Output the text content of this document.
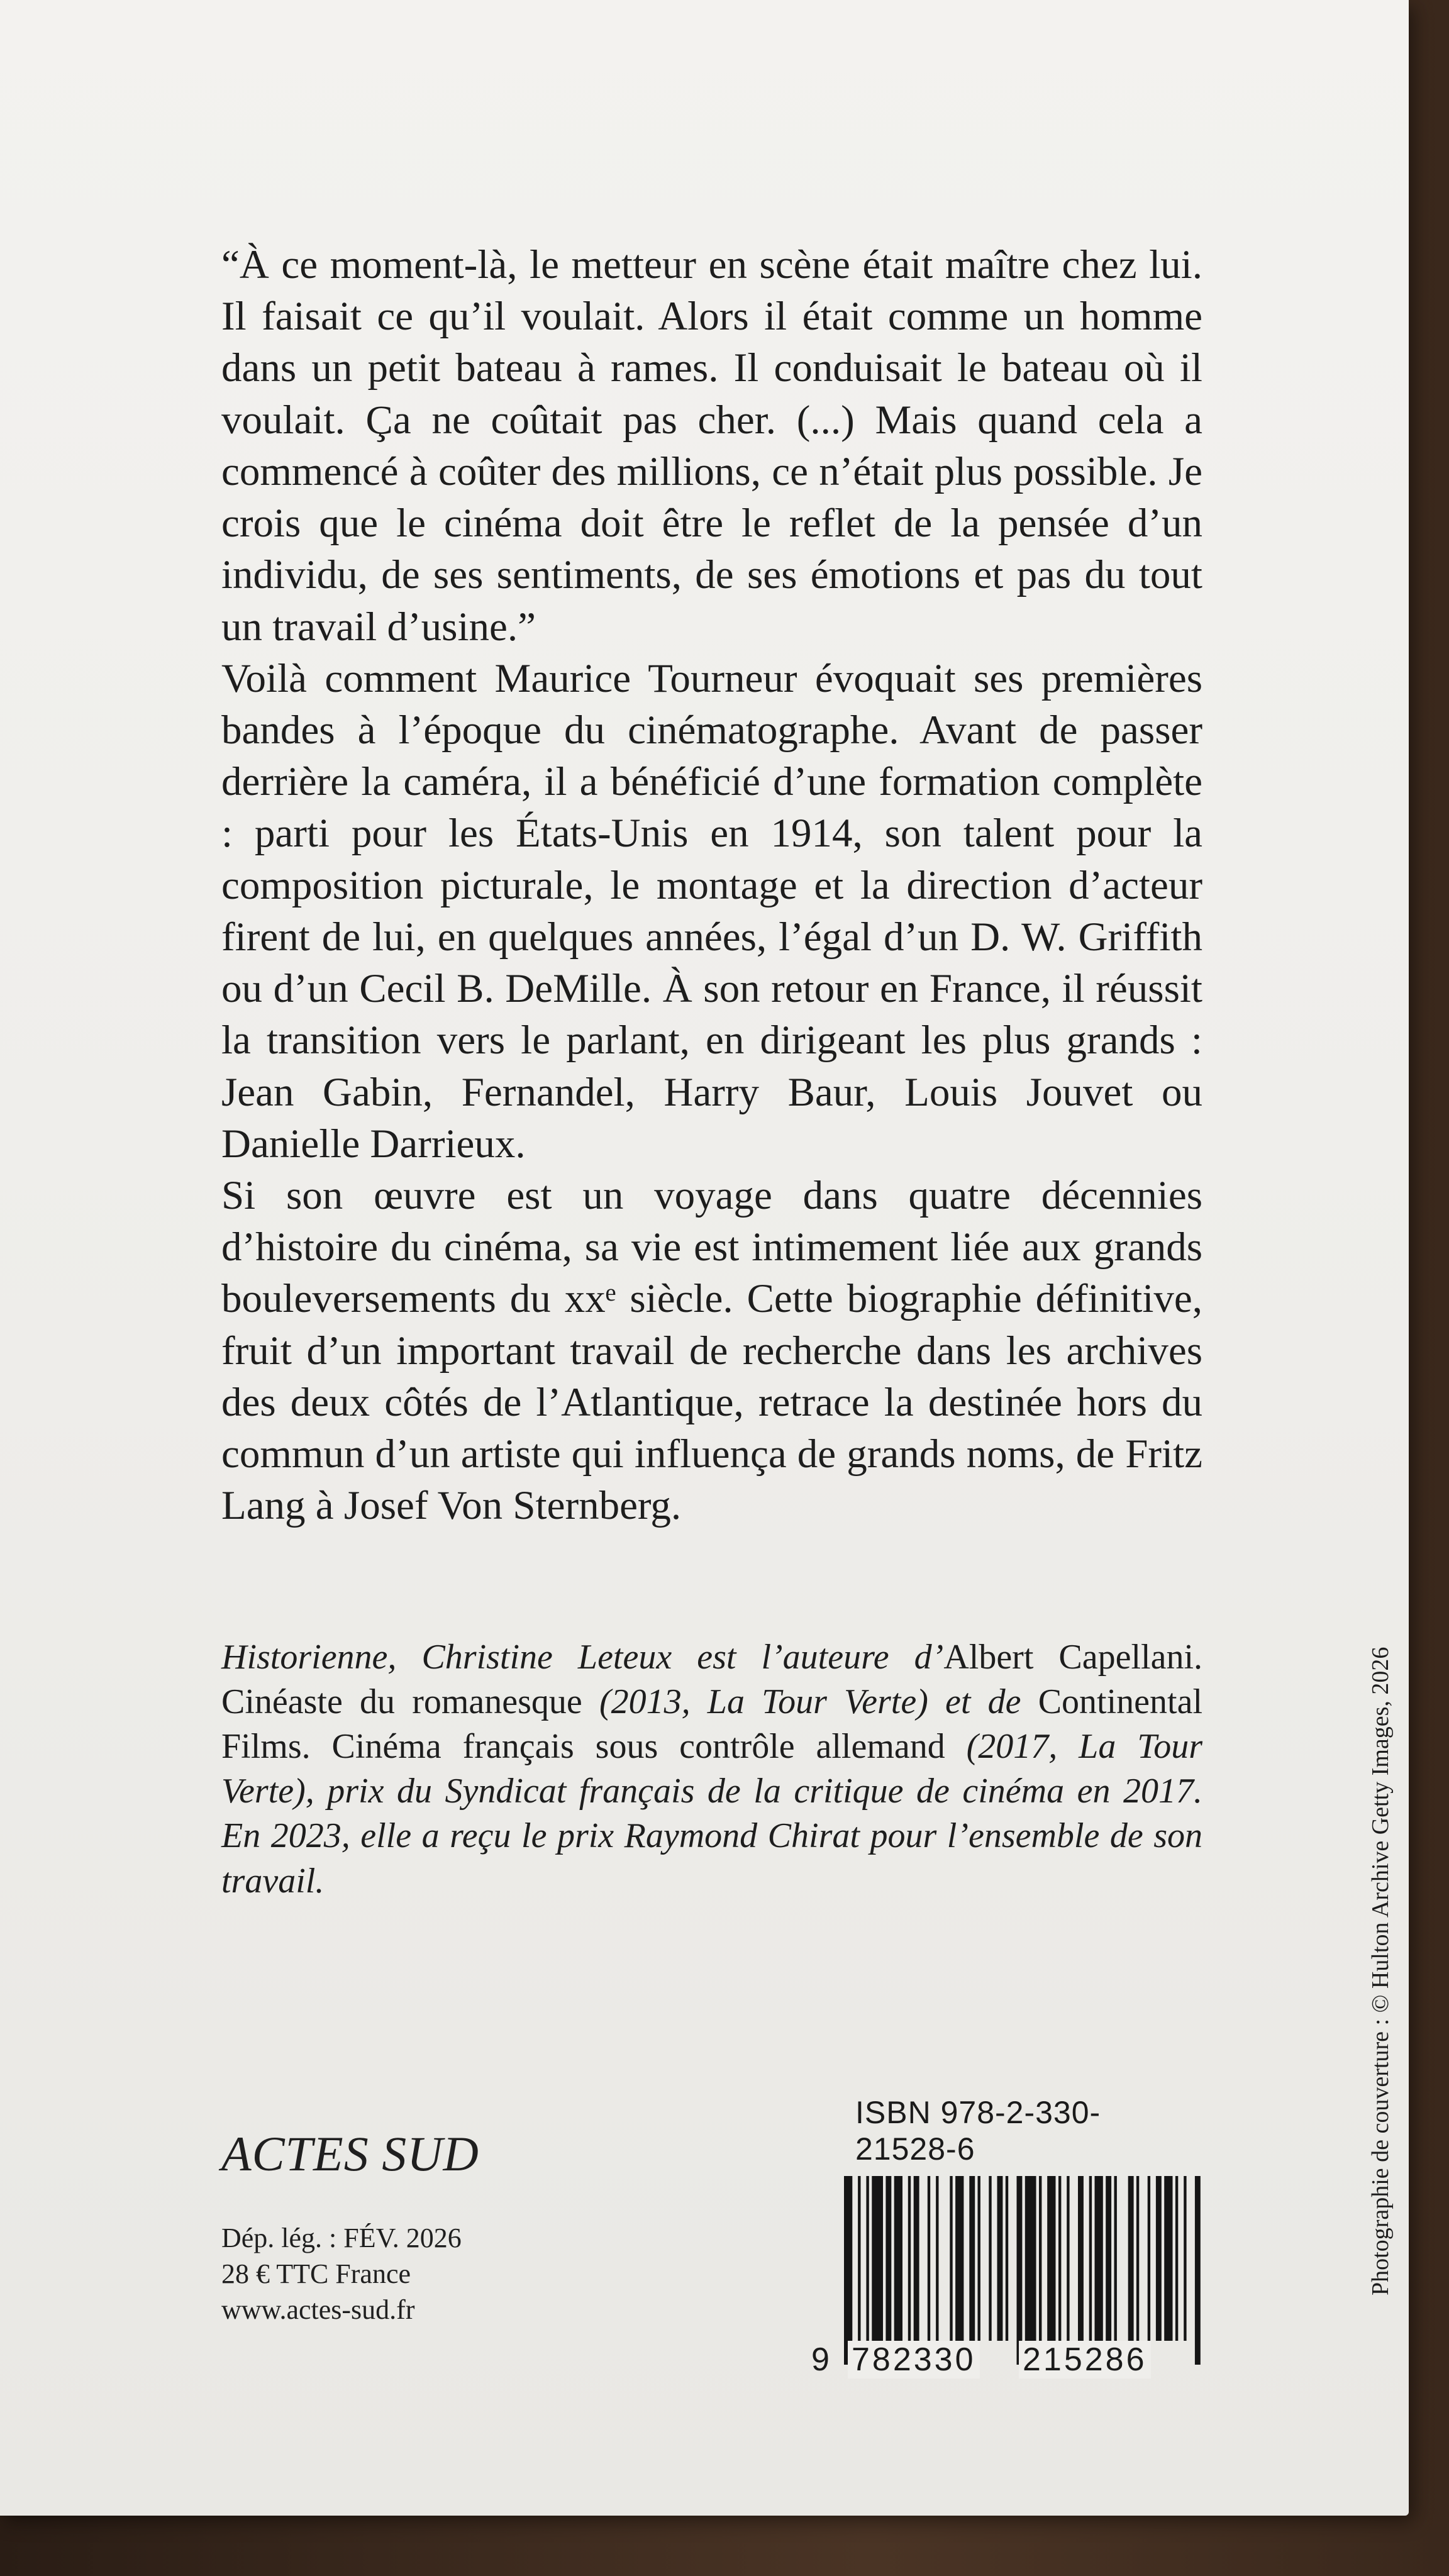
“À ce moment-là, le metteur en scène était maître chez lui. Il faisait ce qu’il voulait. Alors il était comme un homme dans un petit bateau à rames. Il conduisait le bateau où il voulait. Ça ne coûtait pas cher. (...) Mais quand cela a commencé à coûter des millions, ce n’était plus possible. Je crois que le cinéma doit être le reflet de la pensée d’un individu, de ses sentiments, de ses émotions et pas du tout un travail d’usine.”

Voilà comment Maurice Tourneur évoquait ses premières bandes à l’époque du cinématographe. Avant de passer derrière la caméra, il a bénéficié d’une formation complète : parti pour les États-Unis en 1914, son talent pour la composition picturale, le montage et la direction d’acteur firent de lui, en quelques années, l’égal d’un D. W. Griffith ou d’un Cecil B. DeMille. À son retour en France, il réussit la transition vers le parlant, en dirigeant les plus grands : Jean Gabin, Fernandel, Harry Baur, Louis Jouvet ou Danielle Darrieux.

Si son œuvre est un voyage dans quatre décennies d’histoire du cinéma, sa vie est intimement liée aux grands bouleversements du xxᵉ siècle. Cette biographie définitive, fruit d’un important travail de recherche dans les archives des deux côtés de l’Atlantique, retrace la destinée hors du commun d’un artiste qui influença de grands noms, de Fritz Lang à Josef Von Sternberg.

Historienne, Christine Leteux est l’auteure d’Albert Capellani. Cinéaste du romanesque (2013, La Tour Verte) et de Continental Films. Cinéma français sous contrôle allemand (2017, La Tour Verte), prix du Syndicat français de la critique de cinéma en 2017. En 2023, elle a reçu le prix Raymond Chirat pour l’ensemble de son travail.

ACTES SUD
Dép. lég. : FÉV. 2026
28 € TTC France
www.actes-sud.fr
ISBN 978-2-330-21528-6
9 782330 215286
Photographie de couverture : © Hulton Archive Getty Images, 2026
